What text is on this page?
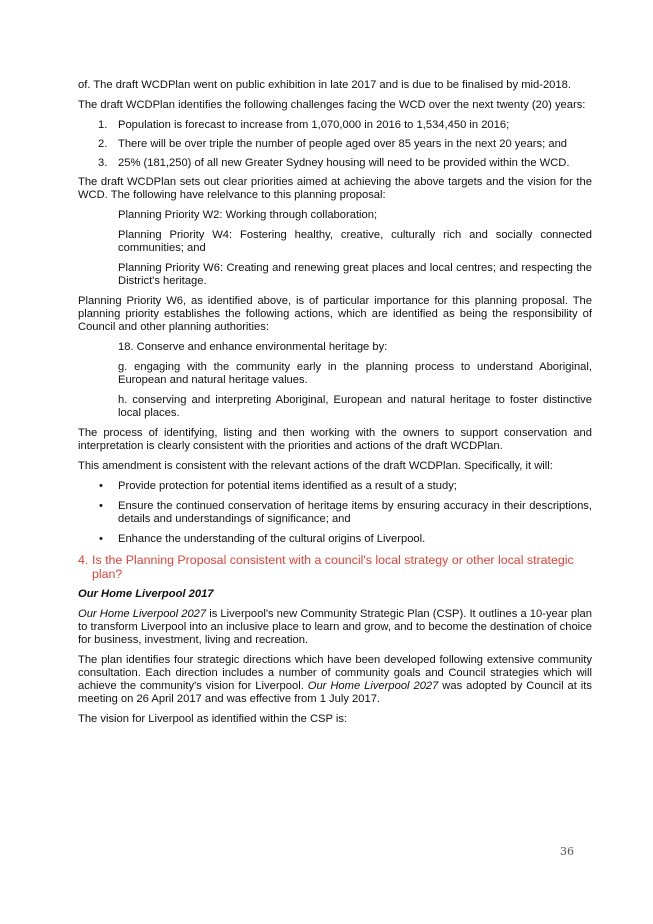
of. The draft WCDPlan went on public exhibition in late 2017 and is due to be finalised by mid-2018.

The draft WCDPlan identifies the following challenges facing the WCD over the next twenty (20) years:

1. Population is forecast to increase from 1,070,000 in 2016 to 1,534,450 in 2016;
2. There will be over triple the number of people aged over 85 years in the next 20 years; and
3. 25% (181,250) of all new Greater Sydney housing will need to be provided within the WCD.

The draft WCDPlan sets out clear priorities aimed at achieving the above targets and the vision for the WCD. The following have relelvance to this planning proposal:

Planning Priority W2: Working through collaboration;

Planning Priority W4: Fostering healthy, creative, culturally rich and socially connected communities; and

Planning Priority W6: Creating and renewing great places and local centres; and respecting the District's heritage.

Planning Priority W6, as identified above, is of particular importance for this planning proposal. The planning priority establishes the following actions, which are identified as being the responsibility of Council and other planning authorities:

18. Conserve and enhance environmental heritage by:

g. engaging with the community early in the planning process to understand Aboriginal, European and natural heritage values.

h. conserving and interpreting Aboriginal, European and natural heritage to foster distinctive local places.

The process of identifying, listing and then working with the owners to support conservation and interpretation is clearly consistent with the priorities and actions of the draft WCDPlan.

This amendment is consistent with the relevant actions of the draft WCDPlan. Specifically, it will:

• Provide protection for potential items identified as a result of a study;
• Ensure the continued conservation of heritage items by ensuring accuracy in their descriptions, details and understandings of significance; and
• Enhance the understanding of the cultural origins of Liverpool.
4. Is the Planning Proposal consistent with a council's local strategy or other local strategic plan?

Our Home Liverpool 2017

Our Home Liverpool 2027 is Liverpool's new Community Strategic Plan (CSP). It outlines a 10-year plan to transform Liverpool into an inclusive place to learn and grow, and to become the destination of choice for business, investment, living and recreation.

The plan identifies four strategic directions which have been developed following extensive community consultation. Each direction includes a number of community goals and Council strategies which will achieve the community's vision for Liverpool. Our Home Liverpool 2027 was adopted by Council at its meeting on 26 April 2017 and was effective from 1 July 2017.

The vision for Liverpool as identified within the CSP is:

36
